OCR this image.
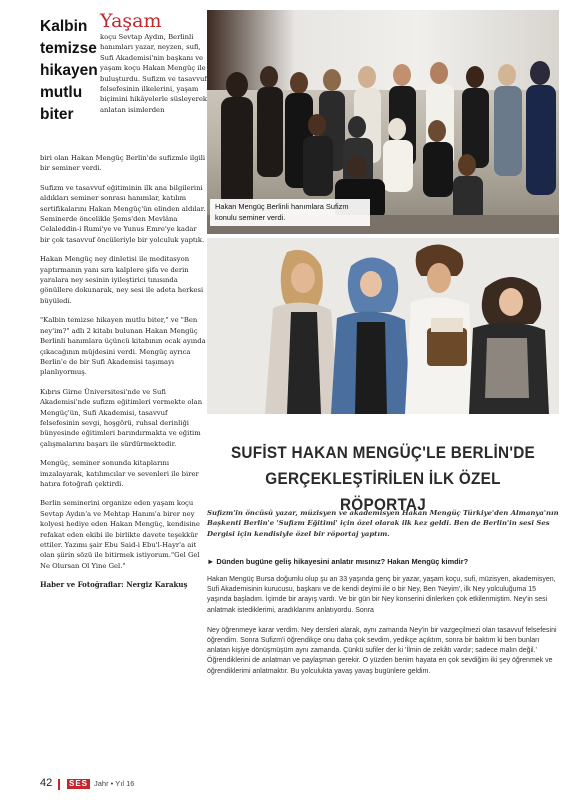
Kalbin temizse hikayen mutlu biter
Yaşam

koçu Sevtap Aydın, Berlinli hanımları yazar, neyzen, sufi, Sufi Akademisi'nin başkanı ve yaşam koçu Hakan Mengüç ile buluşturdu. Sufizm ve tasavvuf felsefesinin ilkelerini, yaşam biçimini hikâyelerle süsleyerek anlatan isimlerden

biri olan Hakan Mengüç Berlin'de sufizmle ilgili bir seminer verdi.

Sufizm ve tasavvuf eğitiminin ilk ana bilgilerini aldıkları seminer sonrası hanımlar, katılım sertifikalarını Hakan Mengüç'ün elinden aldılar. Seminerde öncelikle Şems'den Mevlâna Celaleddin-i Rumi'ye ve Yunus Emre'ye kadar bir çok tasavvuf öncüleriyle bir yolculuk yaptık.

Hakan Mengüç ney dinletisi ile meditasyon yaptırmanın yanı sıra kalplere şifa ve derin yaralara ney sesinin iyileştirici tınısında gönüllere dokunarak, ney sesi ile adeta herkesi büyüledi.

"Kalbin temizse hikayen mutlu biter," ve "Ben ney'im?" adlı 2 kitabı bulunan Hakan Mengüç Berlinli hanımlara üçüncü kitabının ocak ayında çıkacağının müjdesini verdi. Mengüç ayrıca Berlin'e de bir Sufi Akademisi taşımayı planlıyormuş.

Kıbrıs Girne Üniversitesi'nde ve Sufi Akademisi'nde sufizm eğitimleri vermekte olan Mengüç'ün, Sufi Akademisi, tasavvuf felsefesinin sevgi, hoşgörü, ruhsal derinliği bünyesinde eğitimleri barındırmakta ve eğitim çalışmalarını başarı ile sürdürmektedir.

Mengüç, seminer sonunda kitaplarını imzalayarak, katılımcılar ve sevenleri ile birer hatıra fotoğrafı çektirdi.

Berlin seminerini organize eden yaşam koçu Sevtap Aydın'a ve Mehtap Hanım'a birer ney kolyesi hediye eden Hakan Mengüç, kendisine refakat eden ekibi ile birlikte davete teşekkür ettiler. Yazımı şair Ebu Said-i Ebu'l-Hayr'a ait olan şiirin sözü ile bitirmek istiyorum."Gel Gel Ne Olursan Ol Yine Gel."

Haber ve Fotoğraflar: Nergiz Karakuş
Hakan Mengüç Berlinli hanımlara Sufizm konulu seminer verdi.
SUFİST HAKAN MENGÜÇ'LE BERLİN'DE
GERÇEKLEŞTİRİLEN İLK ÖZEL RÖPORTAJ
Sufizm'in öncüsü yazar, müzisyen ve akademisyen Hakan Mengüç Türkiye'den Almanya'nın Başkenti Berlin'e 'Sufizm Eğitimi' için özel olarak ilk kez geldi. Ben de Berlin'in sesi Ses Dergisi için kendisiyle özel bir röportaj yaptım.
► Dünden bugüne geliş hikayesini anlatır mısınız? Hakan Mengüç kimdir?

Hakan Mengüç Bursa doğumlu olup şu an 33 yaşında genç bir yazar, yaşam koçu, sufi, müzisyen, akademisyen, Sufi Akademisinin kurucusu, başkanı ve de kendi deyimi ile o bir Ney, Ben 'Neyim', ilk Ney yolculuğuma 15 yaşında başladım. İçimde bir arayış vardı. Ve bir gün bir Ney konserini dinlerken çok etkilenmiştim. Ney'in sesi anlatmak istediklerimi, aradıklarımı anlatıyordu. Sonra

Ney öğrenmeye karar verdim. Ney dersleri alarak, aynı zamanda Ney'in bir vazgeçilmezi olan tasavvuf felsefesini öğrendim. Sonra Sufizm'i öğrendikçe onu daha çok sevdim, yedikçe açıktım, sonra bir baktım ki ben bunları anlatan kişiye dönüşmüşüm aynı zamanda. Çünkü sufiler der ki 'İlmin de zekâtı vardır; sadece malın değil.' Öğrendiklerini de anlatman ve paylaşman gerekir. O yüzden benim hayata en çok sevdiğim iki şey öğrenmek ve öğrendiklerimi anlatmaktır. Bu yolculukta yavaş yavaş bugünlere geldim.

42 SES Jahr • Yıl 16
